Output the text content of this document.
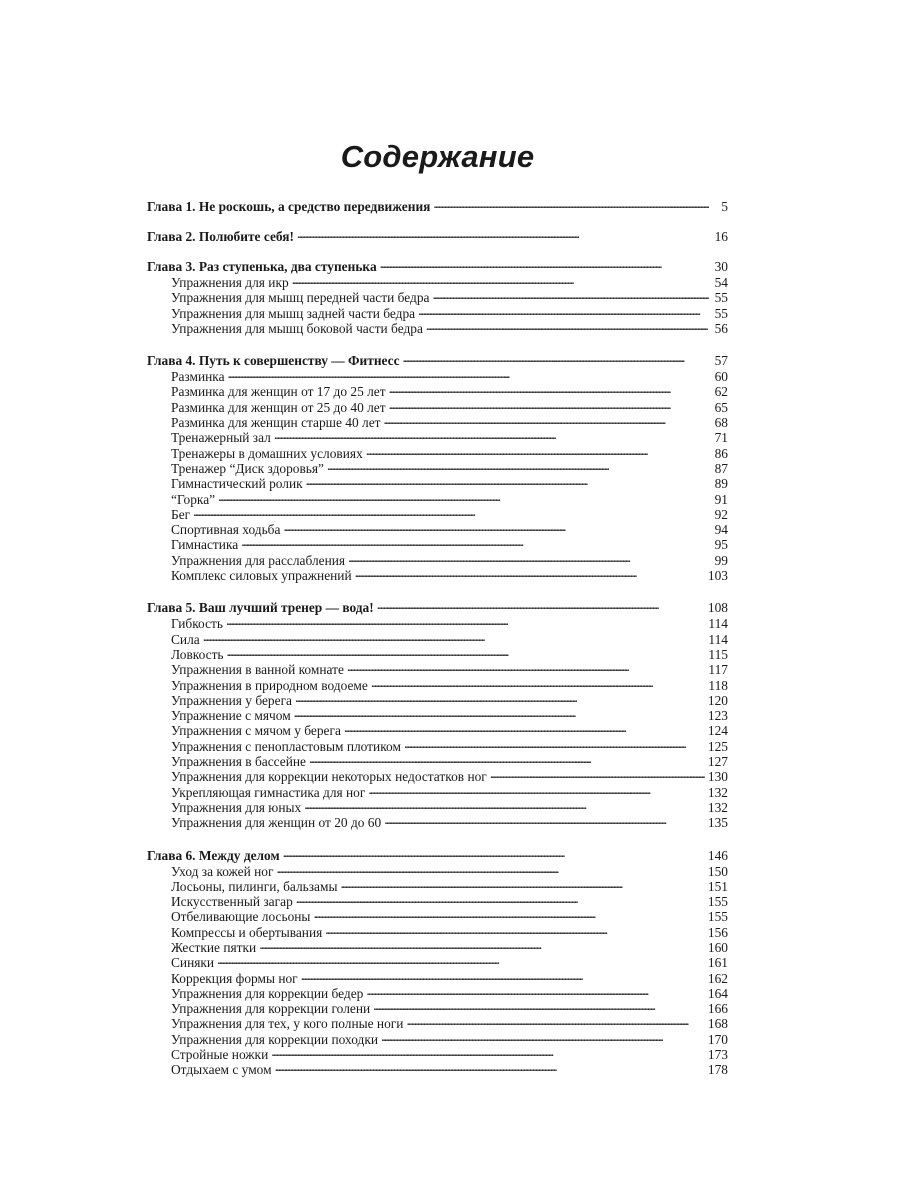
Содержание
Глава 1. Не роскошь, а средство передвижения . . .	5
Глава 2. Полюбите себя! . . .	16
Глава 3. Раз ступенька, два ступенька . . .	30
Упражнения для икр . . .	54
Упражнения для мышц передней части бедра . . .	55
Упражнения для мышц задней части бедра . . .	55
Упражнения для мышц боковой части бедра . . .	56
Глава 4. Путь к совершенству — Фитнесс . . .	57
Разминка . . .	60
Разминка для женщин от 17 до 25 лет . . .	62
Разминка для женщин от 25 до 40 лет . . .	65
Разминка для женщин старше 40 лет . . .	68
Тренажерный зал . . .	71
Тренажеры в домашних условиях . . .	86
Тренажер “Диск здоровья” . . .	87
Гимнастический ролик . . .	89
“Горка” . . .	91
Бег . . .	92
Спортивная ходьба . . .	94
Гимнастика . . .	95
Упражнения для расслабления . . .	99
Комплекс силовых упражнений . . .	103
Глава 5. Ваш лучший тренер — вода! . . .	108
Гибкость . . .	114
Сила . . .	114
Ловкость . . .	115
Упражнения в ванной комнате . . .	117
Упражнения в природном водоеме . . .	118
Упражнения у берега . . .	120
Упражнение с мячом . . .	123
Упражнения с мячом у берега . . .	124
Упражнения с пенопластовым плотиком . . .	125
Упражнения в бассейне . . .	127
Упражнения для коррекции некоторых недостатков ног . . .	130
Укрепляющая гимнастика для ног . . .	132
Упражнения для юных . . .	132
Упражнения для женщин от 20 до 60 . . .	135
Глава 6. Между делом . . .	146
Уход за кожей ног . . .	150
Лосьоны, пилинги, бальзамы . . .	151
Искусственный загар . . .	155
Отбеливающие лосьоны . . .	155
Компрессы и обертывания . . .	156
Жесткие пятки . . .	160
Синяки . . .	161
Коррекция формы ног . . .	162
Упражнения для коррекции бедер . . .	164
Упражнения для коррекции голени . . .	166
Упражнения для тех, у кого полные ноги . . .	168
Упражнения для коррекции походки . . .	170
Стройные ножки . . .	173
Отдыхаем с умом . . .	178
